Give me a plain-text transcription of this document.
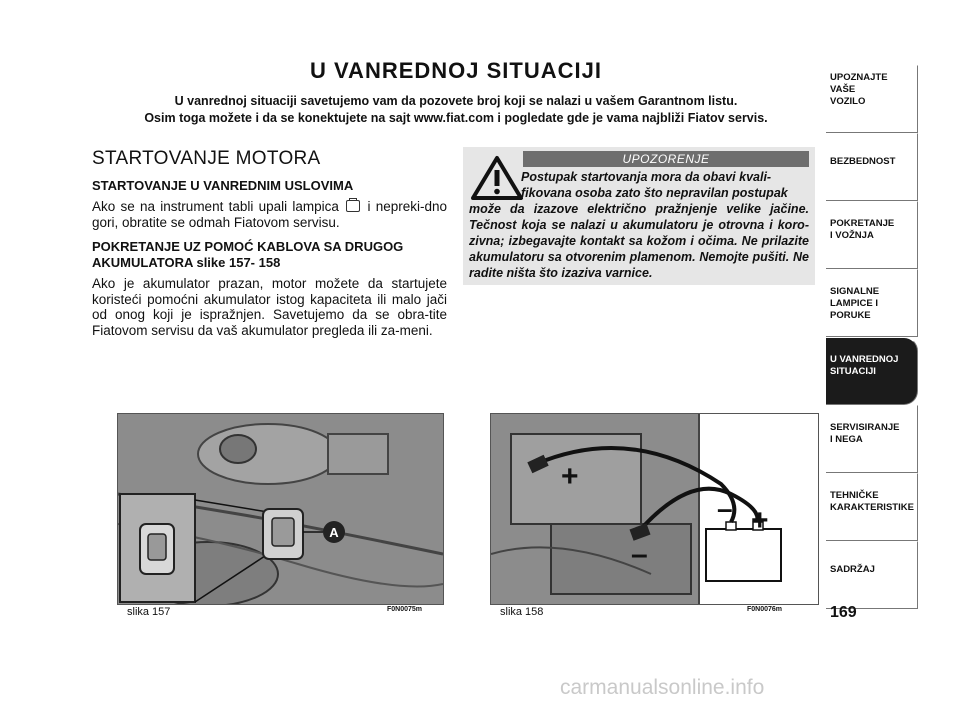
U VANREDNOJ SITUACIJI
U vanrednoj situaciji savetujemo vam da pozovete broj koji se nalazi u vašem Garantnom listu.
Osim toga možete i da se konektujete na sajt www.fiat.com i pogledate gde je vama najbliži Fiatov servis.
STARTOVANJE MOTORA
STARTOVANJE U VANREDNIM USLOVIMA

Ako se na instrument tabli upali lampica i nepreki-dno gori, obratite se odmah Fiatovom servisu.

POKRETANJE UZ POMOĆ KABLOVA SA DRUGOG AKUMULATORA slike 157- 158

Ako je akumulator prazan, motor možete da startujete koristeći pomoćni akumulator istog kapaciteta ili malo jači od onog koji je ispražnjen. Savetujemo da se obra-tite Fiatovom servisu da vaš akumulator pregleda ili za-meni.

UPOZORENJE
Postupak startovanja mora da obavi kvali-
fikovana osoba zato što nepravilan postupak
može da izazove električno pražnjenje velike jačine. Tečnost koja se nalazi u akumulatoru je otrovna i koro-zivna; izbegavajte kontakt sa kožom i očima. Ne prilazite akumulatoru sa otvorenim plamenom. Nemojte pušiti. Ne radite ništa što izaziva varnice.
A
slika 157	F0N0075m
+
–
+
–
slika 158	F0N0076m
UPOZNAJTE
VAŠE
VOZILO
BEZBEDNOST
POKRETANJE
I VOŽNJA
SIGNALNE
LAMPICE I PORUKE
U VANREDNOJ
SITUACIJI
SERVISIRANJE
I NEGA
TEHNIČKE
KARAKTERISTIKE
SADRŽAJ
169
carmanualsonline.info
